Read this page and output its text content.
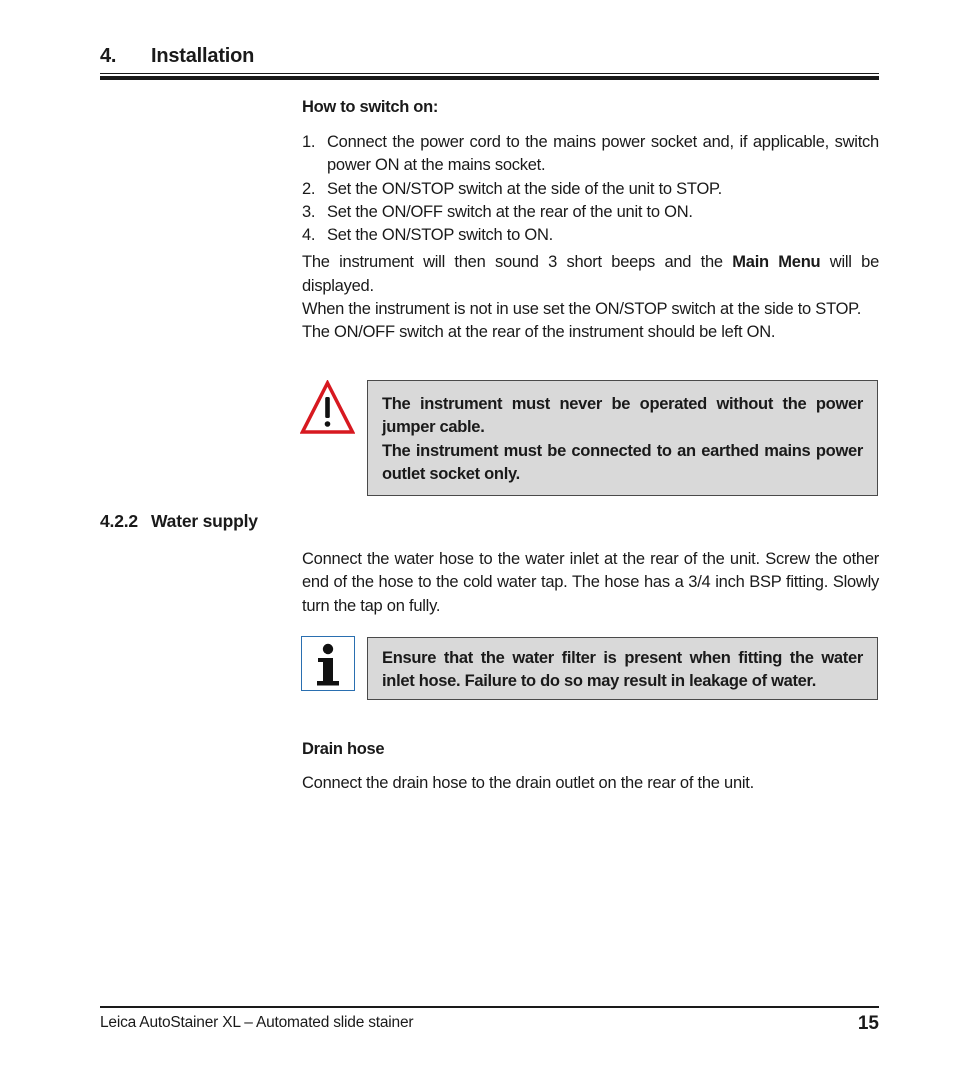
4. Installation
How to switch on:
1. Connect the power cord to the mains power socket and, if applicable, switch power ON at the mains socket.
2. Set the ON/STOP switch at the side of the unit to STOP.
3. Set the ON/OFF switch at the rear of the unit to ON.
4. Set the ON/STOP switch to ON.

The instrument will then sound 3 short beeps and the Main Menu will be displayed.

When the instrument is not in use set the ON/STOP switch at the side to STOP.

The ON/OFF switch at the rear of the instrument should be left ON.

The instrument must never be operated without the power jumper cable.
The instrument must be connected to an earthed mains power outlet socket only.
4.2.2 Water supply

Connect the water hose to the water inlet at the rear of the unit. Screw the other end of the hose to the cold water tap. The hose has a 3/4 inch BSP fitting. Slowly turn the tap on fully.

Ensure that the water filter is present when fitting the water inlet hose. Failure to do so may result in leakage of water.
Drain hose

Connect the drain hose to the drain outlet on the rear of the unit.

Leica AutoStainer XL – Automated slide stainer	15
